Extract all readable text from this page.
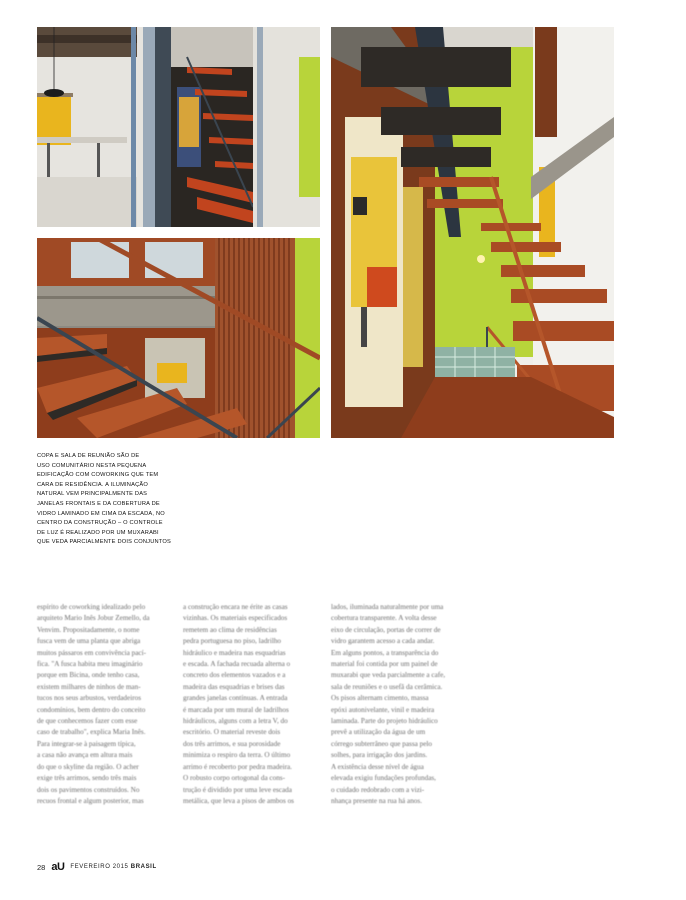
COPA E SALA DE REUNIÃO SÃO DE
USO COMUNITÁRIO NESTA PEQUENA
EDIFICAÇÃO COM COWORKING QUE TEM
CARA DE RESIDÊNCIA. A ILUMINAÇÃO
NATURAL VEM PRINCIPALMENTE DAS
JANELAS FRONTAIS E DA COBERTURA DE
VIDRO LAMINADO EM CIMA DA ESCADA, NO
CENTRO DA CONSTRUÇÃO – O CONTROLE
DE LUZ É REALIZADO POR UM MUXARABI
QUE VEDA PARCIALMENTE DOIS CONJUNTOS
espírito de coworking idealizado pelo
arquiteto Mario Inês Jobur Zemello, da
Venvim. Propositadamente, o nome
fusca vem de uma planta que abriga
muitos pássaros em convivência pací-
fica. "A fusca habita meu imaginário
porque em Bicina, onde tenho casa,
existem milhares de ninhos de man-
tucos nos seus arbustos, verdadeiros
condomínios, bem dentro do conceito
de que conhecemos fazer com esse
caso de trabalho", explica Maria Inês.
Para integrar-se à paisagem típica,
a casa não avança em altura mais
do que o skyline da região. O acher
exige três arrimos, sendo três mais
dois os pavimentos construídos. No
recuos frontal e algum posterior, mas
a construção encara ne érite as casas
vizinhas. Os materiais especificados
remetem ao clima de residências
pedra portuguesa no piso, ladrilho
hidráulico e madeira nas esquadrias
e escada. A fachada recuada alterna o
concreto dos elementos vazados e a
madeira das esquadrias e brises das
grandes janelas contínuas. A entrada
é marcada por um mural de ladrilhos
hidráulicos, alguns com a letra V, do
escritório. O material reveste dois
dos três arrimos, e sua porosidade
minimiza o respiro da terra. O último
arrimo é recoberto por pedra madeira.
O robusto corpo ortogonal da cons-
trução é dividido por uma leve escada
metálica, que leva a pisos de ambos os
lados, iluminada naturalmente por uma
cobertura transparente. A volta desse
eixo de circulação, portas de correr de
vidro garantem acesso a cada andar.
Em alguns pontos, a transparência do
material foi contida por um painel de
muxarabi que veda parcialmente a cafe,
sala de reuniões e o usefã da cerâmica.
Os pisos alternam cimento, massa
epóxi autonivelante, vinil e madeira
laminada. Parte do projeto hidráulico
prevê a utilização da água de um
córrego subterrâneo que passa pelo
solhes, para irrigação dos jardins.
A existência desse nível de água
elevada exigiu fundações profundas,
o cuidado redobrado com a vizi-
nhança presente na rua há anos.
28 aU FEVEREIRO 2015 BRASIL
